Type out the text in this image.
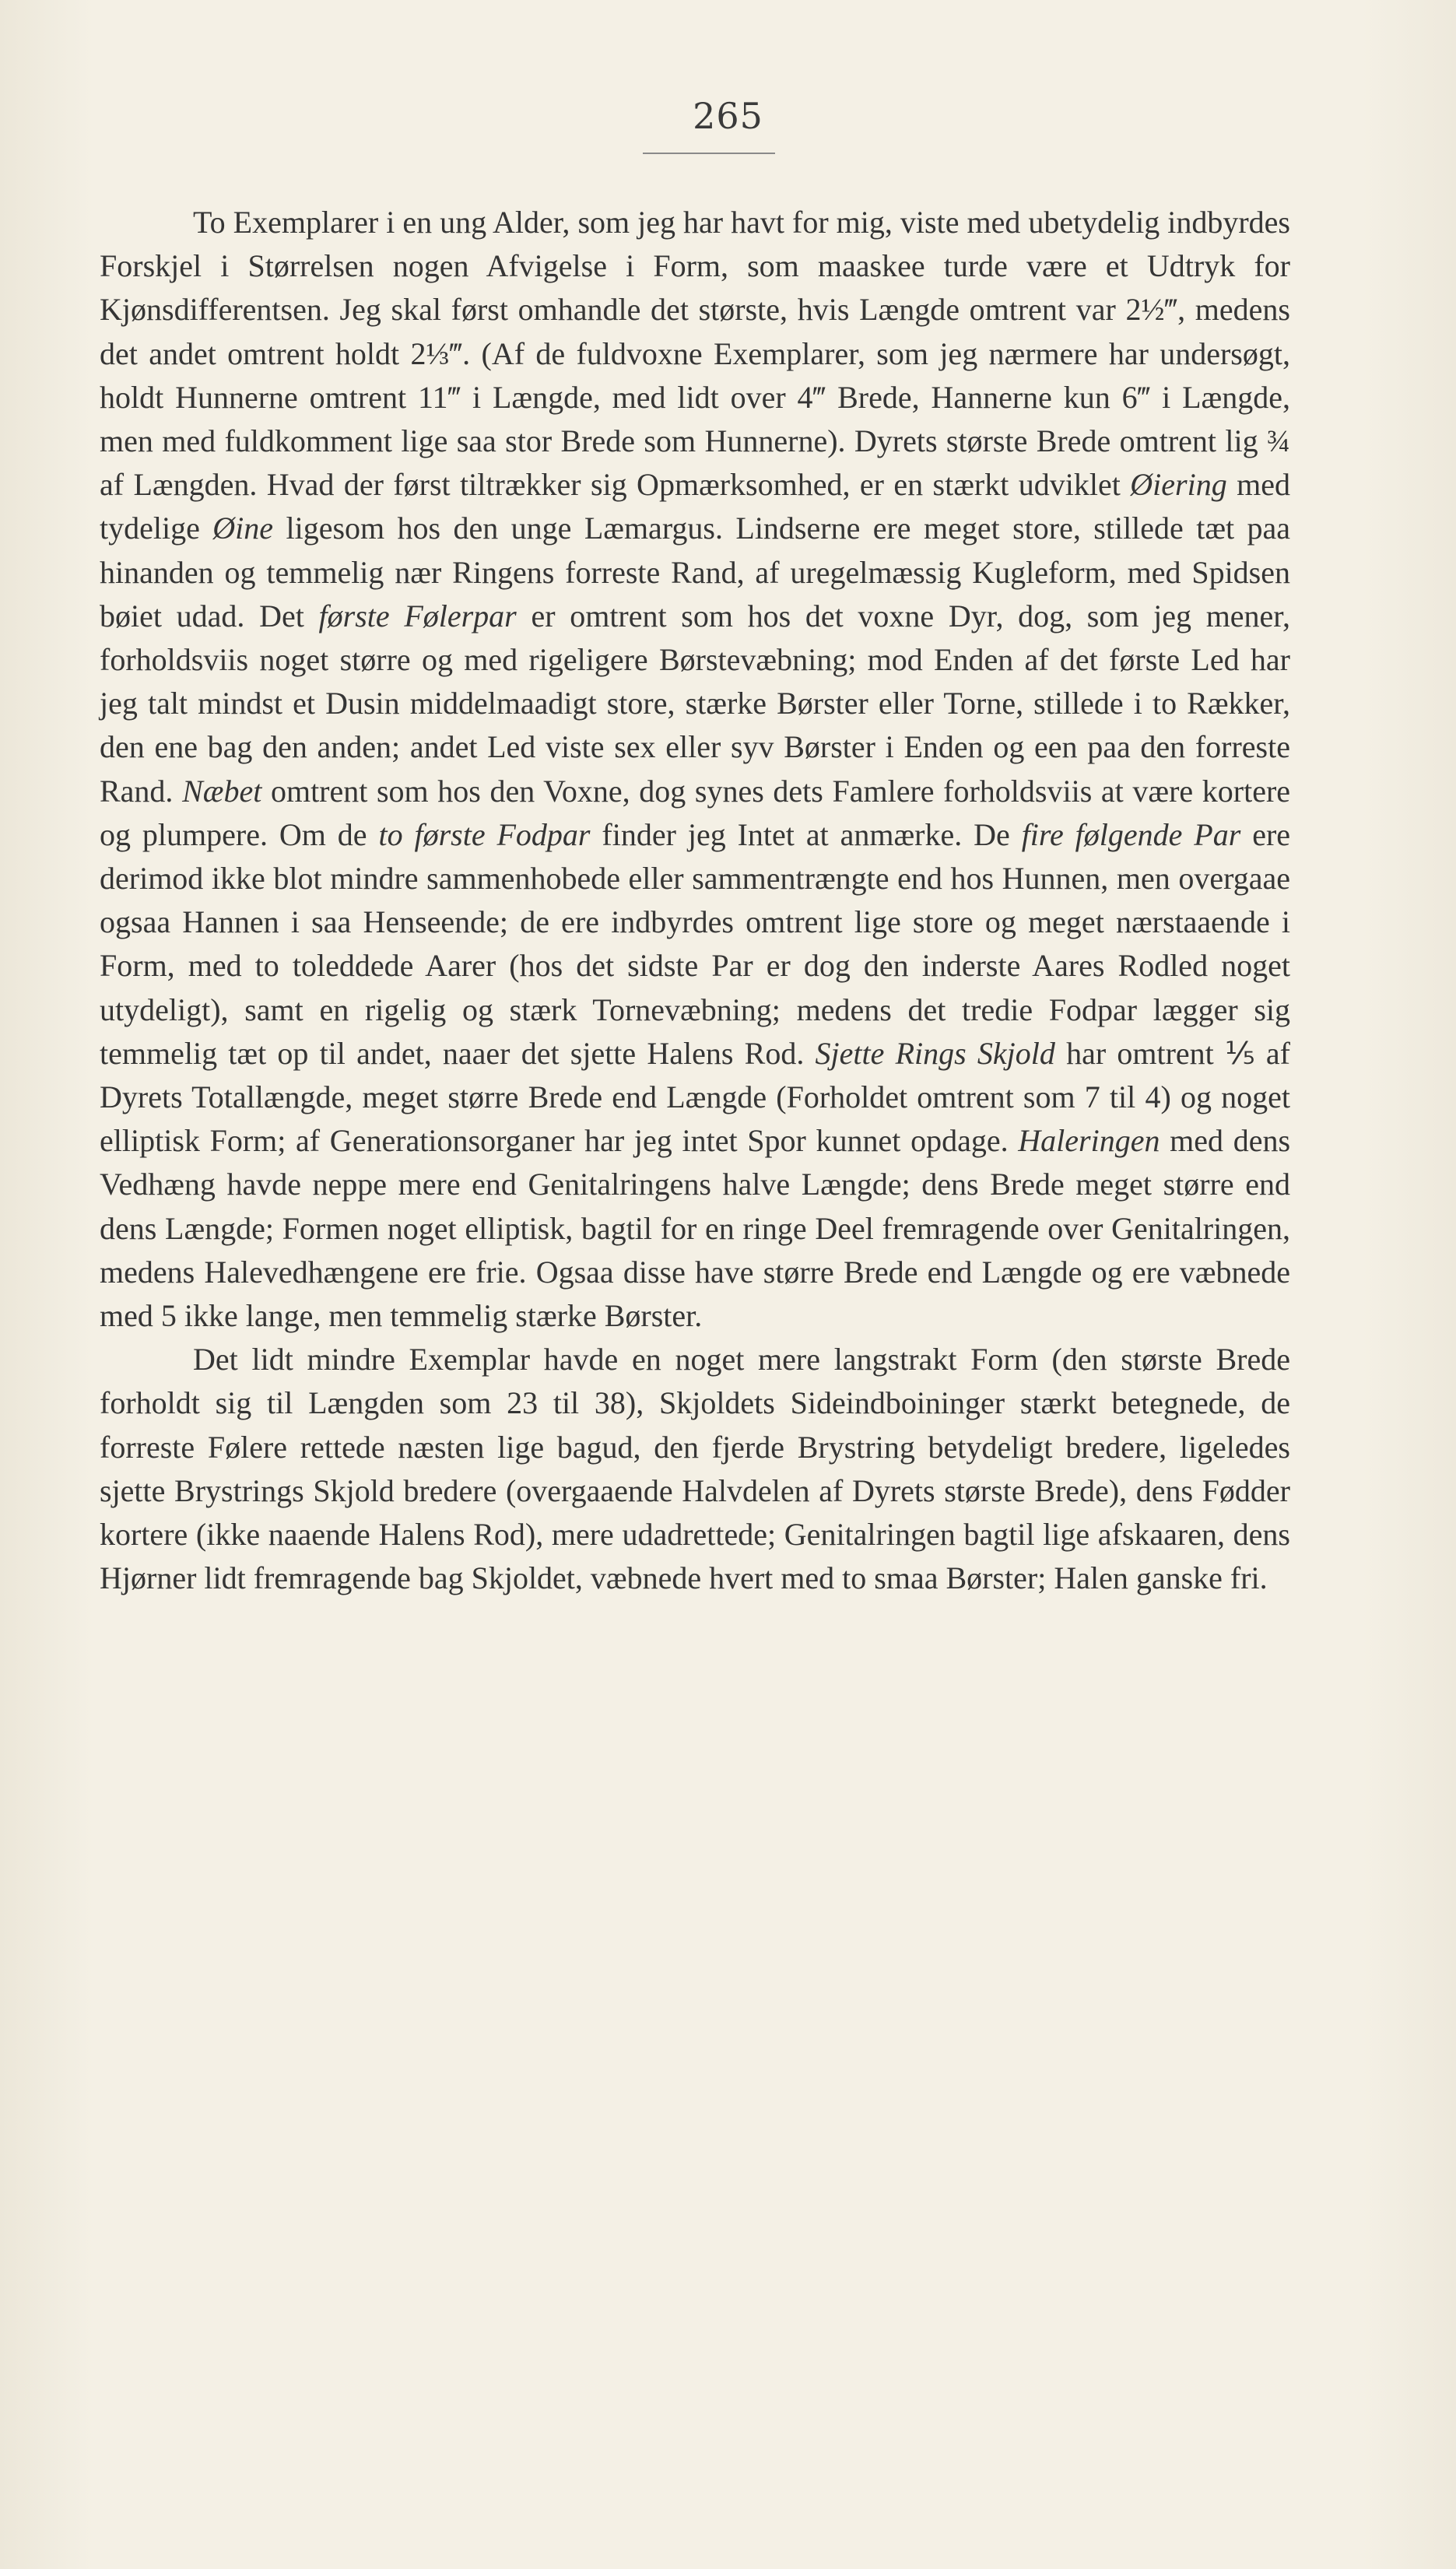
265

To Exemplarer i en ung Alder, som jeg har havt for mig, viste med ubetydelig indbyrdes Forskjel i Størrelsen nogen Afvigelse i Form, som maaskee turde være et Udtryk for Kjønsdifferentsen. Jeg skal først omhandle det største, hvis Længde omtrent var 2½‴, medens det andet omtrent holdt 2⅓‴. (Af de fuldvoxne Exemplarer, som jeg nærmere har undersøgt, holdt Hunnerne omtrent 11‴ i Længde, med lidt over 4‴ Brede, Hannerne kun 6‴ i Længde, men med fuldkomment lige saa stor Brede som Hunnerne). Dyrets største Brede omtrent lig ¾ af Længden. Hvad der først tiltrækker sig Opmærksomhed, er en stærkt udviklet Øiering med tydelige Øine ligesom hos den unge Læmargus. Lindserne ere meget store, stillede tæt paa hinanden og temmelig nær Ringens forreste Rand, af uregelmæssig Kugleform, med Spidsen bøiet udad. Det første Følerpar er omtrent som hos det voxne Dyr, dog, som jeg mener, forholdsviis noget større og med rigeligere Børstevæbning; mod Enden af det første Led har jeg talt mindst et Dusin middelmaadigt store, stærke Børster eller Torne, stillede i to Rækker, den ene bag den anden; andet Led viste sex eller syv Børster i Enden og een paa den forreste Rand. Næbet omtrent som hos den Voxne, dog synes dets Famlere forholdsviis at være kortere og plumpere. Om de to første Fodpar finder jeg Intet at anmærke. De fire følgende Par ere derimod ikke blot mindre sammenhobede eller sammentrængte end hos Hunnen, men overgaae ogsaa Hannen i saa Henseende; de ere indbyrdes omtrent lige store og meget nærstaaende i Form, med to toleddede Aarer (hos det sidste Par er dog den inderste Aares Rodled noget utydeligt), samt en rigelig og stærk Tornevæbning; medens det tredie Fodpar lægger sig temmelig tæt op til andet, naaer det sjette Halens Rod. Sjette Rings Skjold har omtrent ⅕ af Dyrets Totallængde, meget større Brede end Længde (Forholdet omtrent som 7 til 4) og noget elliptisk Form; af Generationsorganer har jeg intet Spor kunnet opdage. Haleringen med dens Vedhæng havde neppe mere end Genitalringens halve Længde; dens Brede meget større end dens Længde; Formen noget elliptisk, bagtil for en ringe Deel fremragende over Genitalringen, medens Halevedhængene ere frie. Ogsaa disse have større Brede end Længde og ere væbnede med 5 ikke lange, men temmelig stærke Børster.

Det lidt mindre Exemplar havde en noget mere langstrakt Form (den største Brede forholdt sig til Længden som 23 til 38), Skjoldets Sideindboininger stærkt betegnede, de forreste Følere rettede næsten lige bagud, den fjerde Brystring betydeligt bredere, ligeledes sjette Brystrings Skjold bredere (overgaaende Halvdelen af Dyrets største Brede), dens Fødder kortere (ikke naaende Halens Rod), mere udadrettede; Genitalringen bagtil lige afskaaren, dens Hjørner lidt fremragende bag Skjoldet, væbnede hvert med to smaa Børster; Halen ganske fri.
